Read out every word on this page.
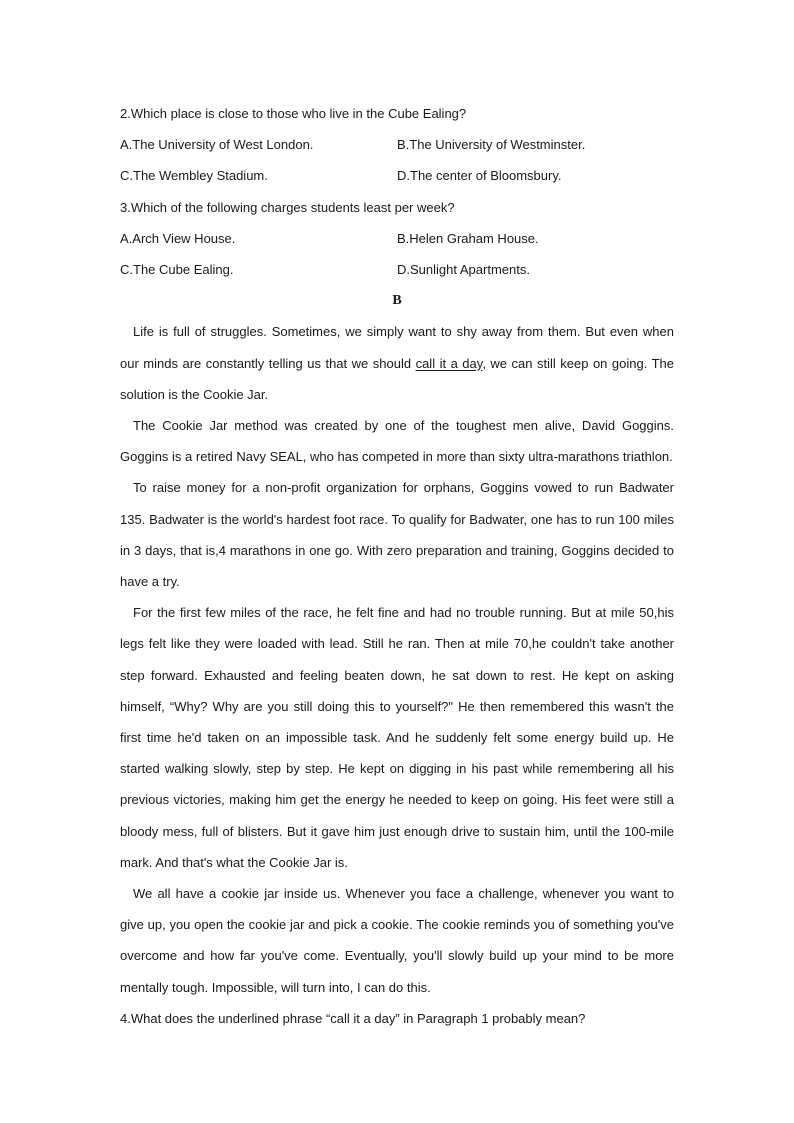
2.Which place is close to those who live in the Cube Ealing?
A.The University of West London.	B.The University of Westminster.
C.The Wembley Stadium.	D.The center of Bloomsbury.
3.Which of the following charges students least per week?
A.Arch View House.	B.Helen Graham House.
C.The Cube Ealing.	D.Sunlight Apartments.
B

Life is full of struggles. Sometimes, we simply want to shy away from them. But even when our minds are constantly telling us that we should call it a day, we can still keep on going. The solution is the Cookie Jar.

The Cookie Jar method was created by one of the toughest men alive, David Goggins. Goggins is a retired Navy SEAL, who has competed in more than sixty ultra-marathons triathlon.

To raise money for a non-profit organization for orphans, Goggins vowed to run Badwater 135. Badwater is the world's hardest foot race. To qualify for Badwater, one has to run 100 miles in 3 days, that is,4 marathons in one go. With zero preparation and training, Goggins decided to have a try.

For the first few miles of the race, he felt fine and had no trouble running. But at mile 50,his legs felt like they were loaded with lead. Still he ran. Then at mile 70,he couldn't take another step forward. Exhausted and feeling beaten down, he sat down to rest. He kept on asking himself, “Why? Why are you still doing this to yourself?" He then remembered this wasn't the first time he'd taken on an impossible task. And he suddenly felt some energy build up. He started walking slowly, step by step. He kept on digging in his past while remembering all his previous victories, making him get the energy he needed to keep on going. His feet were still a bloody mess, full of blisters. But it gave him just enough drive to sustain him, until the 100-mile mark. And that's what the Cookie Jar is.

We all have a cookie jar inside us. Whenever you face a challenge, whenever you want to give up, you open the cookie jar and pick a cookie. The cookie reminds you of something you've overcome and how far you've come. Eventually, you'll slowly build up your mind to be more mentally tough. Impossible, will turn into, I can do this.

4.What does the underlined phrase “call it a day” in Paragraph 1 probably mean?
